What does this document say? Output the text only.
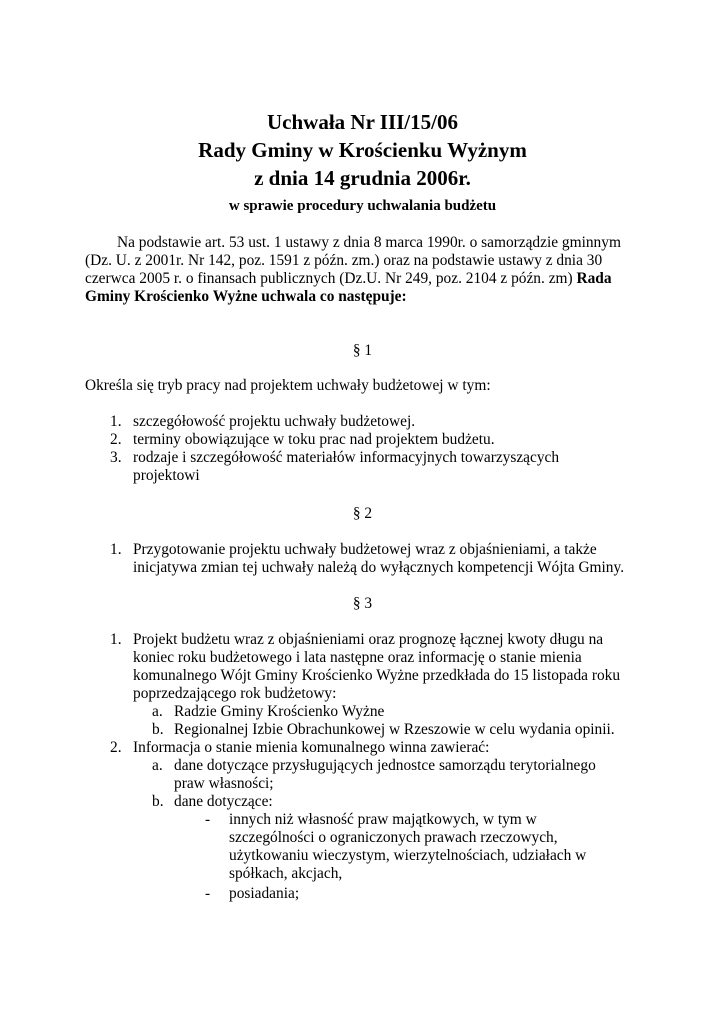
Uchwała Nr III/15/06

Rady Gminy w Krościenku Wyżnym

z dnia 14 grudnia 2006r.

w sprawie procedury uchwalania budżetu

Na podstawie art. 53 ust. 1 ustawy z dnia 8 marca 1990r. o samorządzie gminnym (Dz. U. z 2001r. Nr 142, poz. 1591 z późn. zm.) oraz na podstawie ustawy z dnia 30 czerwca 2005 r. o finansach publicznych (Dz.U. Nr 249, poz. 2104 z późn. zm) Rada Gminy Krościenko Wyżne uchwala co następuje:

§ 1
Określa się tryb pracy nad projektem uchwały budżetowej w tym:
1. szczegółowość projektu uchwały budżetowej.
2. terminy obowiązujące w toku prac nad projektem budżetu.
3. rodzaje i szczegółowość materiałów informacyjnych towarzyszących
projektowi
§ 2
1. Przygotowanie projektu uchwały budżetowej wraz z objaśnieniami, a także
inicjatywa zmian tej uchwały należą do wyłącznych kompetencji Wójta Gminy.
§ 3
1. Projekt budżetu wraz z objaśnieniami oraz prognozę łącznej kwoty długu na
koniec roku budżetowego i lata następne oraz informację o stanie mienia
komunalnego Wójt Gminy Krościenko Wyżne przedkłada do 15 listopada roku
poprzedzającego rok budżetowy:
a. Radzie Gminy Krościenko Wyżne
b. Regionalnej Izbie Obrachunkowej w Rzeszowie w celu wydania opinii.
2. Informacja o stanie mienia komunalnego winna zawierać:
a. dane dotyczące przysługujących jednostce samorządu terytorialnego
praw własności;
b. dane dotyczące:
- innych niż własność praw majątkowych, w tym w
szczególności o ograniczonych prawach rzeczowych,
użytkowaniu wieczystym, wierzytelnościach, udziałach w
spółkach, akcjach,
- posiadania;
